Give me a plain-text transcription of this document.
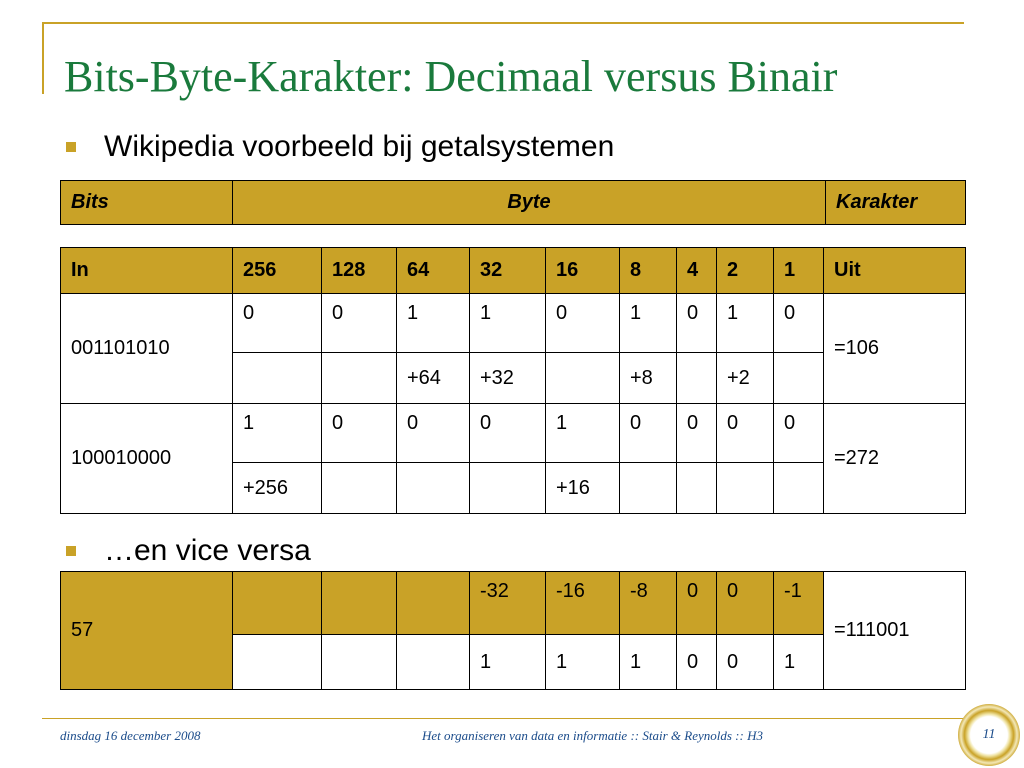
Bits-Byte-Karakter: Decimaal versus Binair
Wikipedia voorbeeld bij getalsystemen
Bits	Byte	Karakter
In	256	128	64	32	16	8	4	2	1	Uit
001101010	0	0	1	1	0	1	0	1	0	=106
			+64	+32		+8		+2		
100010000	1	0	0	0	1	0	0	0	0	=272
	+256				+16					
…en vice versa
57				-32	-16	-8	0	0	-1	=111001
				1	1	1	0	0	1	
dinsdag 16 december 2008	Het organiseren van data en informatie :: Stair & Reynolds :: H3	11
